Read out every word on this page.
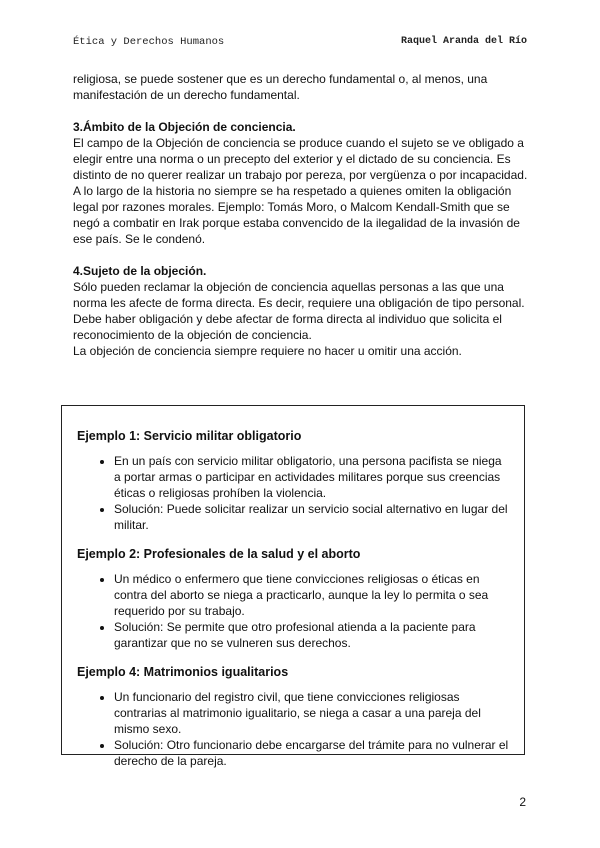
Ética y Derechos Humanos	Raquel Aranda del Río

religiosa, se puede sostener que es un derecho fundamental o, al menos, una manifestación de un derecho fundamental.

3.Ámbito de la Objeción de conciencia.

El campo de la Objeción de conciencia se produce cuando el sujeto se ve obligado a elegir entre una norma o un precepto del exterior y el dictado de su conciencia. Es distinto de no querer realizar un trabajo por pereza, por vergüenza o por incapacidad.

A lo largo de la historia no siempre se ha respetado a quienes omiten la obligación legal por razones morales. Ejemplo: Tomás Moro, o Malcom Kendall-Smith que se negó a combatir en Irak porque estaba convencido de la ilegalidad de la invasión de ese país. Se le condenó.

4.Sujeto de la objeción.

Sólo pueden reclamar la objeción de conciencia aquellas personas a las que una norma les afecte de forma directa. Es decir, requiere una obligación de tipo personal.

Debe haber obligación y debe afectar de forma directa al individuo que solicita el reconocimiento de la objeción de conciencia.

La objeción de conciencia siempre requiere no hacer u omitir una acción.

Ejemplo 1: Servicio militar obligatorio

• En un país con servicio militar obligatorio, una persona pacifista se niega a portar armas o participar en actividades militares porque sus creencias éticas o religiosas prohíben la violencia.
• Solución: Puede solicitar realizar un servicio social alternativo en lugar del militar.

Ejemplo 2: Profesionales de la salud y el aborto

• Un médico o enfermero que tiene convicciones religiosas o éticas en contra del aborto se niega a practicarlo, aunque la ley lo permita o sea requerido por su trabajo.
• Solución: Se permite que otro profesional atienda a la paciente para garantizar que no se vulneren sus derechos.

Ejemplo 4: Matrimonios igualitarios

• Un funcionario del registro civil, que tiene convicciones religiosas contrarias al matrimonio igualitario, se niega a casar a una pareja del mismo sexo.
• Solución: Otro funcionario debe encargarse del trámite para no vulnerar el derecho de la pareja.
2
